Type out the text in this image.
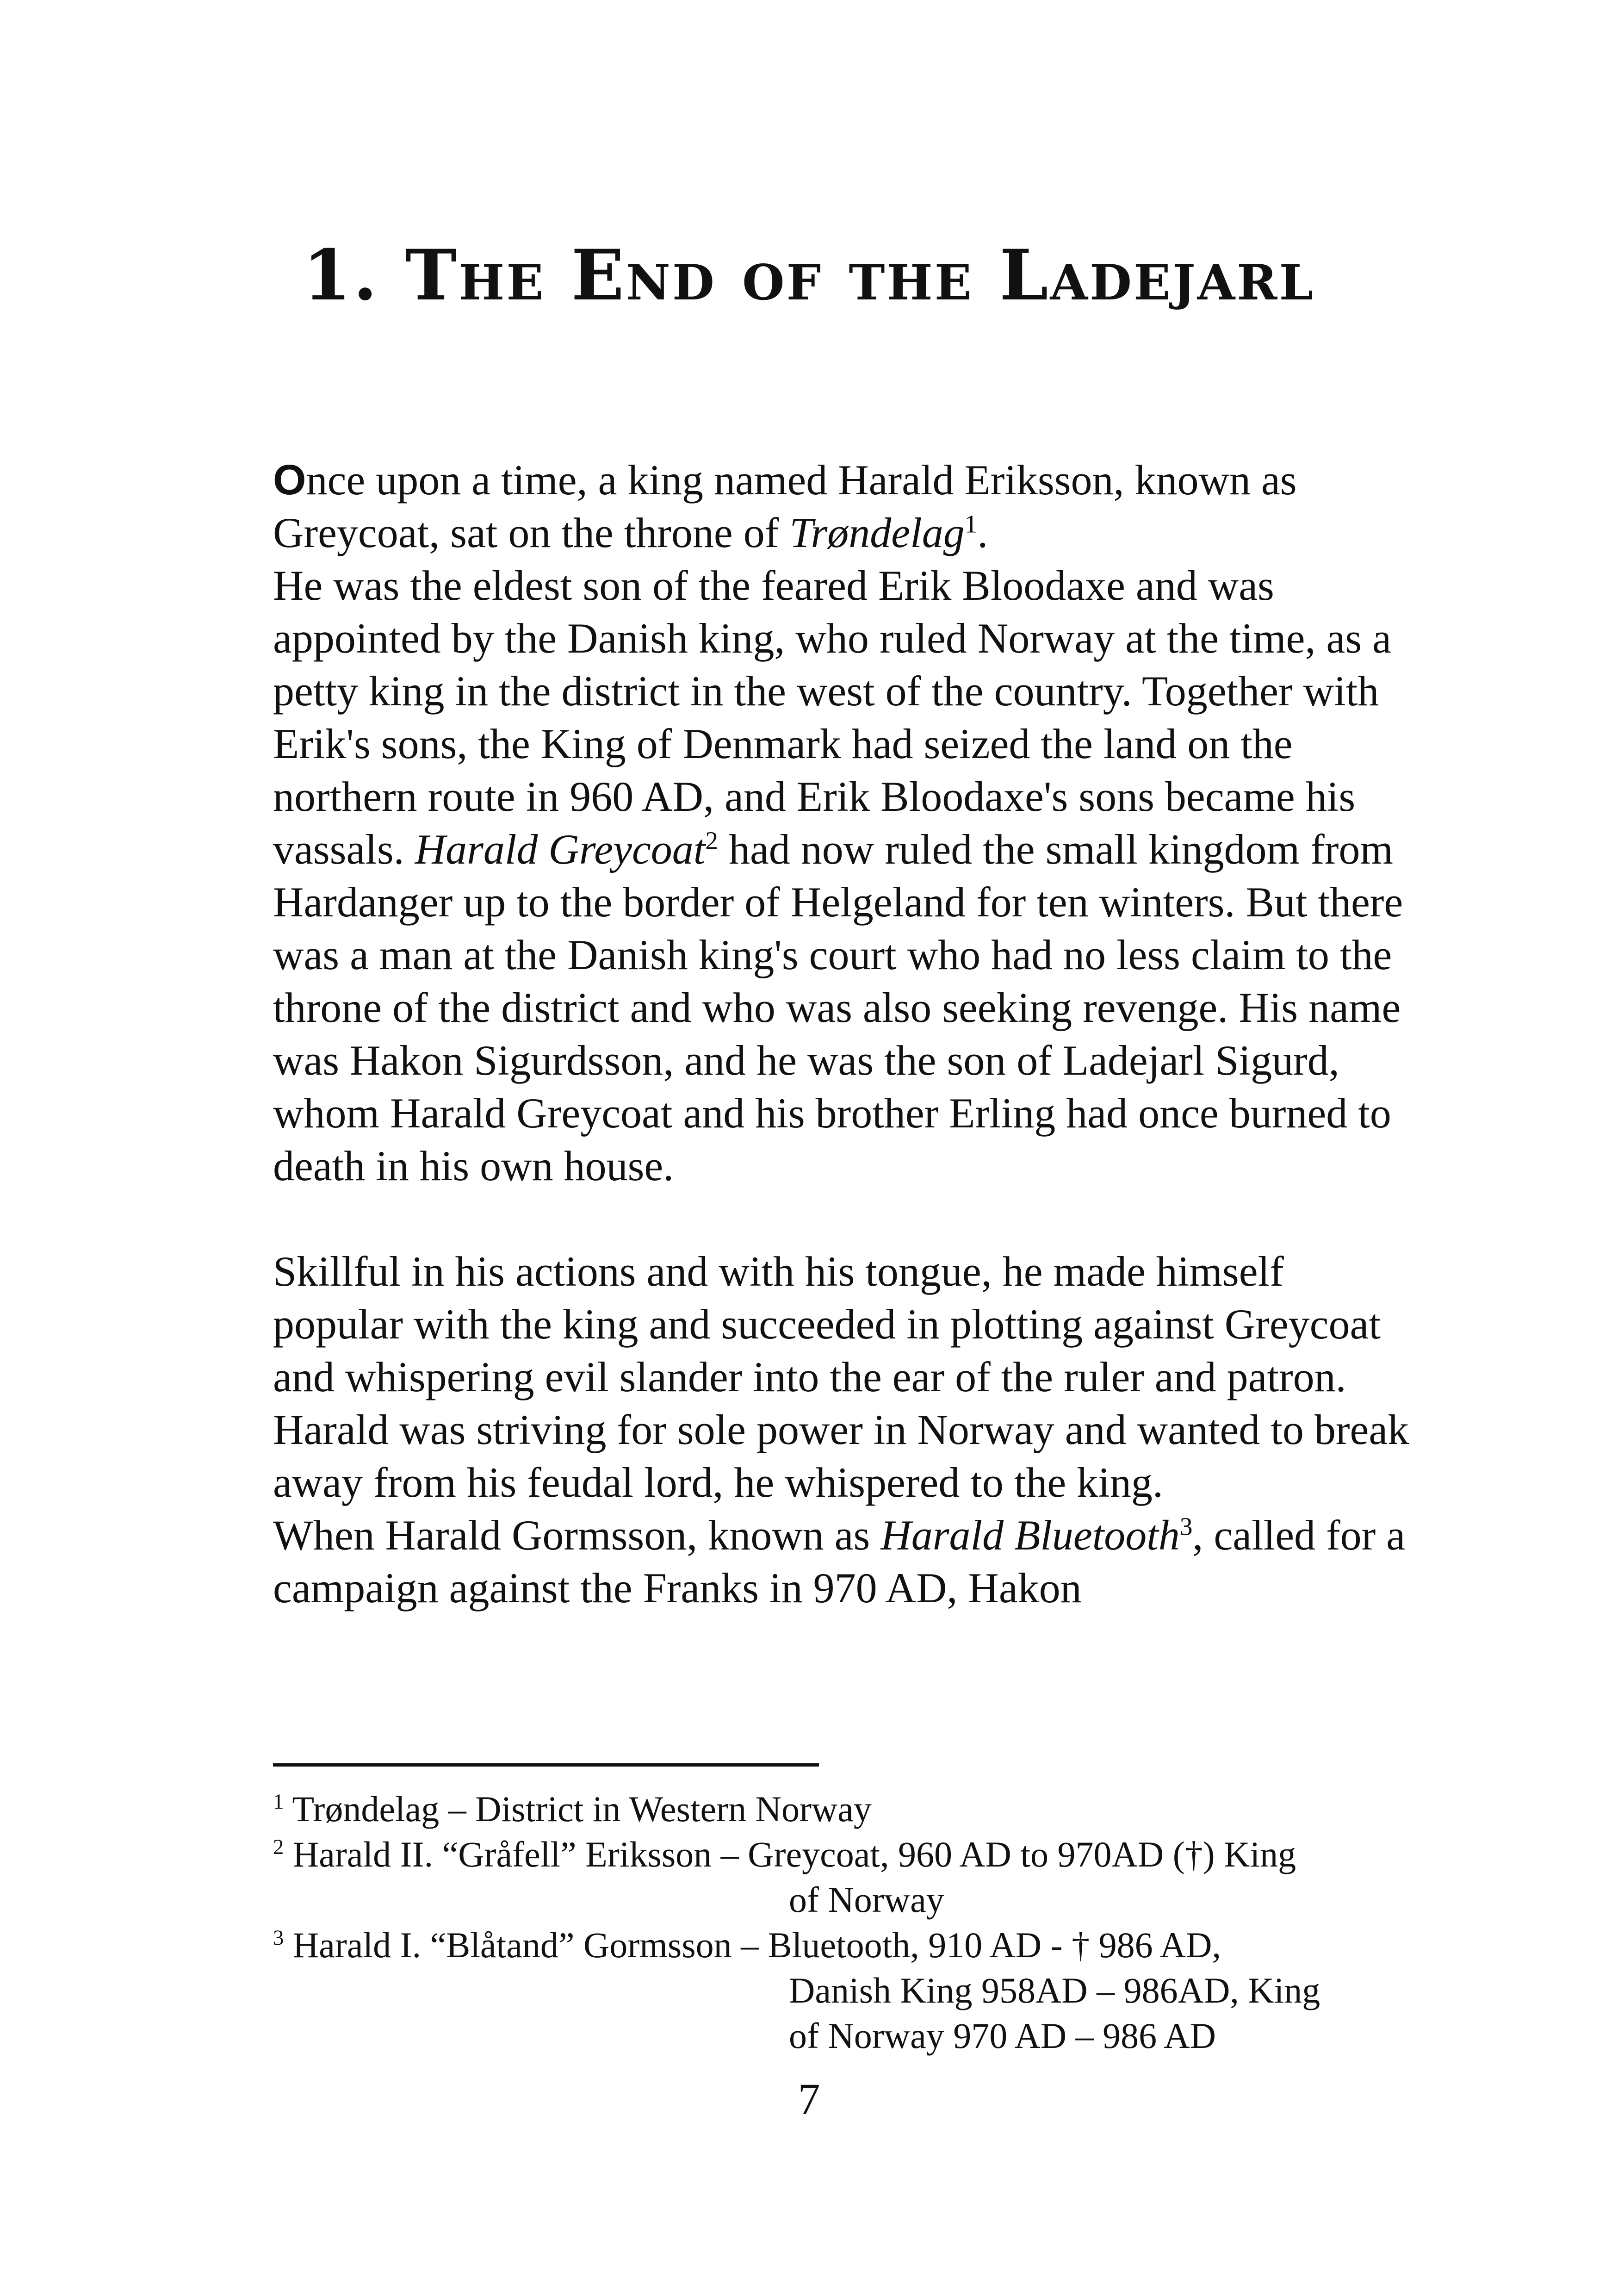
1. The End of the Ladejarl

Once upon a time, a king named Harald Eriksson, known as Greycoat, sat on the throne of Trøndelag$^1$.

He was the eldest son of the feared Erik Bloodaxe and was appointed by the Danish king, who ruled Norway at the time, as a petty king in the district in the west of the country. Together with Erik's sons, the King of Denmark had seized the land on the northern route in 960 AD, and Erik Bloodaxe's sons became his vassals. Harald Greycoat$^2$ had now ruled the small kingdom from Hardanger up to the border of Helgeland for ten winters. But there was a man at the Danish king's court who had no less claim to the throne of the district and who was also seeking revenge. His name was Hakon Sigurdsson, and he was the son of Ladejarl Sigurd, whom Harald Greycoat and his brother Erling had once burned to death in his own house.

Skillful in his actions and with his tongue, he made himself popular with the king and succeeded in plotting against Greycoat and whispering evil slander into the ear of the ruler and patron. Harald was striving for sole power in Norway and wanted to break away from his feudal lord, he whispered to the king.

When Harald Gormsson, known as Harald Bluetooth$^3$, called for a campaign against the Franks in 970 AD, Hakon

$^1$ Trøndelag – District in Western Norway
$^2$ Harald II. “Gråfell” Eriksson – Greycoat, 960 AD to 970AD (†) King
of Norway
$^3$ Harald I. “Blåtand” Gormsson – Bluetooth, 910 AD - † 986 AD,
Danish King 958AD – 986AD, King
of Norway 970 AD – 986 AD
7
